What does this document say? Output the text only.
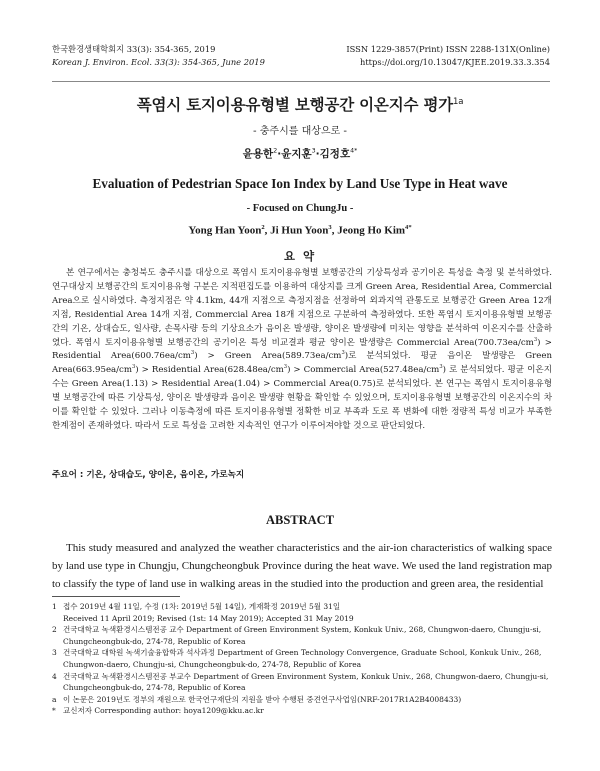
한국환경생태학회지 33(3): 354-365, 2019
Korean J. Environ. Ecol. 33(3): 354-365, June 2019
ISSN 1229-3857(Print) ISSN 2288-131X(Online)
https://doi.org/10.13047/KJEE.2019.33.3.354
폭염시 토지이용유형별 보행공간 이온지수 평가$^{1a}$
- 충주시를 대상으로 -
윤용한$^2$·윤지훈$^3$·김정호$^{4*}$
Evaluation of Pedestrian Space Ion Index by Land Use Type in Heat wave
- Focused on ChungJu -
Yong Han Yoon$^2$, Ji Hun Yoon$^3$, Jeong Ho Kim$^{4*}$
요 약

본 연구에서는 충청북도 충주시를 대상으로 폭염시 토지이용유형별 보행공간의 기상특성과 공기이온 특성을 측정 및 분석하였다. 연구대상지 보행공간의 토지이용유형 구분은 지적편집도를 이용하여 대상지를 크게 Green Area, Residential Area, Commercial Area으로 실시하였다. 측정지점은 약 4.1km, 44개 지점으로 측정지점을 선정하여 외과지역 관통도로 보행공간 Green Area 12개 지점, Residential Area 14개 지점, Commercial Area 18개 지점으로 구분하여 측정하였다. 또한 폭염시 토지이용유형별 보행공간의 기온, 상대습도, 일사량, 손목사량 등의 기상요소가 음이온 발생량, 양이온 발생량에 미치는 영향을 분석하여 이온지수를 산출하였다. 폭염시 토지이용유형별 보행공간의 공기이온 특성 비교결과 평균 양이온 발생량은 Commercial $Area(700.73ea/cm^3)$ > Residential $Area(600.76ea/cm^3)$ > Green $Area(589.73ea/cm^3)$로 분석되었다. 평균 음이온 발생량은 Green $Area(663.95ea/cm^3)$ > Residential $Area(628.48ea/cm^3)$ > Commercial $Area(527.48ea/cm^3)$ 로 분석되었다. 평균 이온지수는 Green Area(1.13) > Residential Area(1.04) > Commercial Area(0.75)로 분석되었다. 본 연구는 폭염시 토지이용유형별 보행공간에 따른 기상특성, 양이온 발생량과 음이온 발생량 현황을 확인할 수 있었으며, 토지이용유형별 보행공간의 이온지수의 차이를 확인할 수 있었다. 그러나 이동측정에 따른 토지이용유형별 정확한 비교 부족과 도로 폭 변화에 대한 정량적 특성 비교가 부족한 한계점이 존재하였다. 따라서 도로 특성을 고려한 지속적인 연구가 이루어져야할 것으로 판단되었다.

주요어 : 기온, 상대습도, 양이온, 음이온, 가로녹지
ABSTRACT

This study measured and analyzed the weather characteristics and the air-ion characteristics of walking space by land use type in Chungju, Chungcheongbuk Province during the heat wave. We used the land registration map to classify the type of land use in walking areas in the studied into the production and green area, the residential

1 접수 2019년 4월 11일, 수정 (1차: 2019년 5월 14일), 게재확정 2019년 5월 31일
Received 11 April 2019; Revised (1st: 14 May 2019); Accepted 31 May 2019
2 건국대학교 녹색환경시스템전공 교수 Department of Green Environment System, Konkuk Univ., 268, Chungwon-daero, Chungju-si, Chungcheongbuk-do, 274-78, Republic of Korea
3 건국대학교 대학원 녹색기술융합학과 석사과정 Department of Green Technology Convergence, Graduate School, Konkuk Univ., 268, Chungwon-daero, Chungju-si, Chungcheongbuk-do, 274-78, Republic of Korea
4 건국대학교 녹색환경시스템전공 부교수 Department of Green Environment System, Konkuk Univ., 268, Chungwon-daero, Chungju-si, Chungcheongbuk-do, 274-78, Republic of Korea
a 이 논문은 2019년도 정부의 재원으로 한국연구재단의 지원을 받아 수행된 중견연구사업임(NRF-2017R1A2B4008433)
* 교신저자 Corresponding author: hoya1209@kku.ac.kr
